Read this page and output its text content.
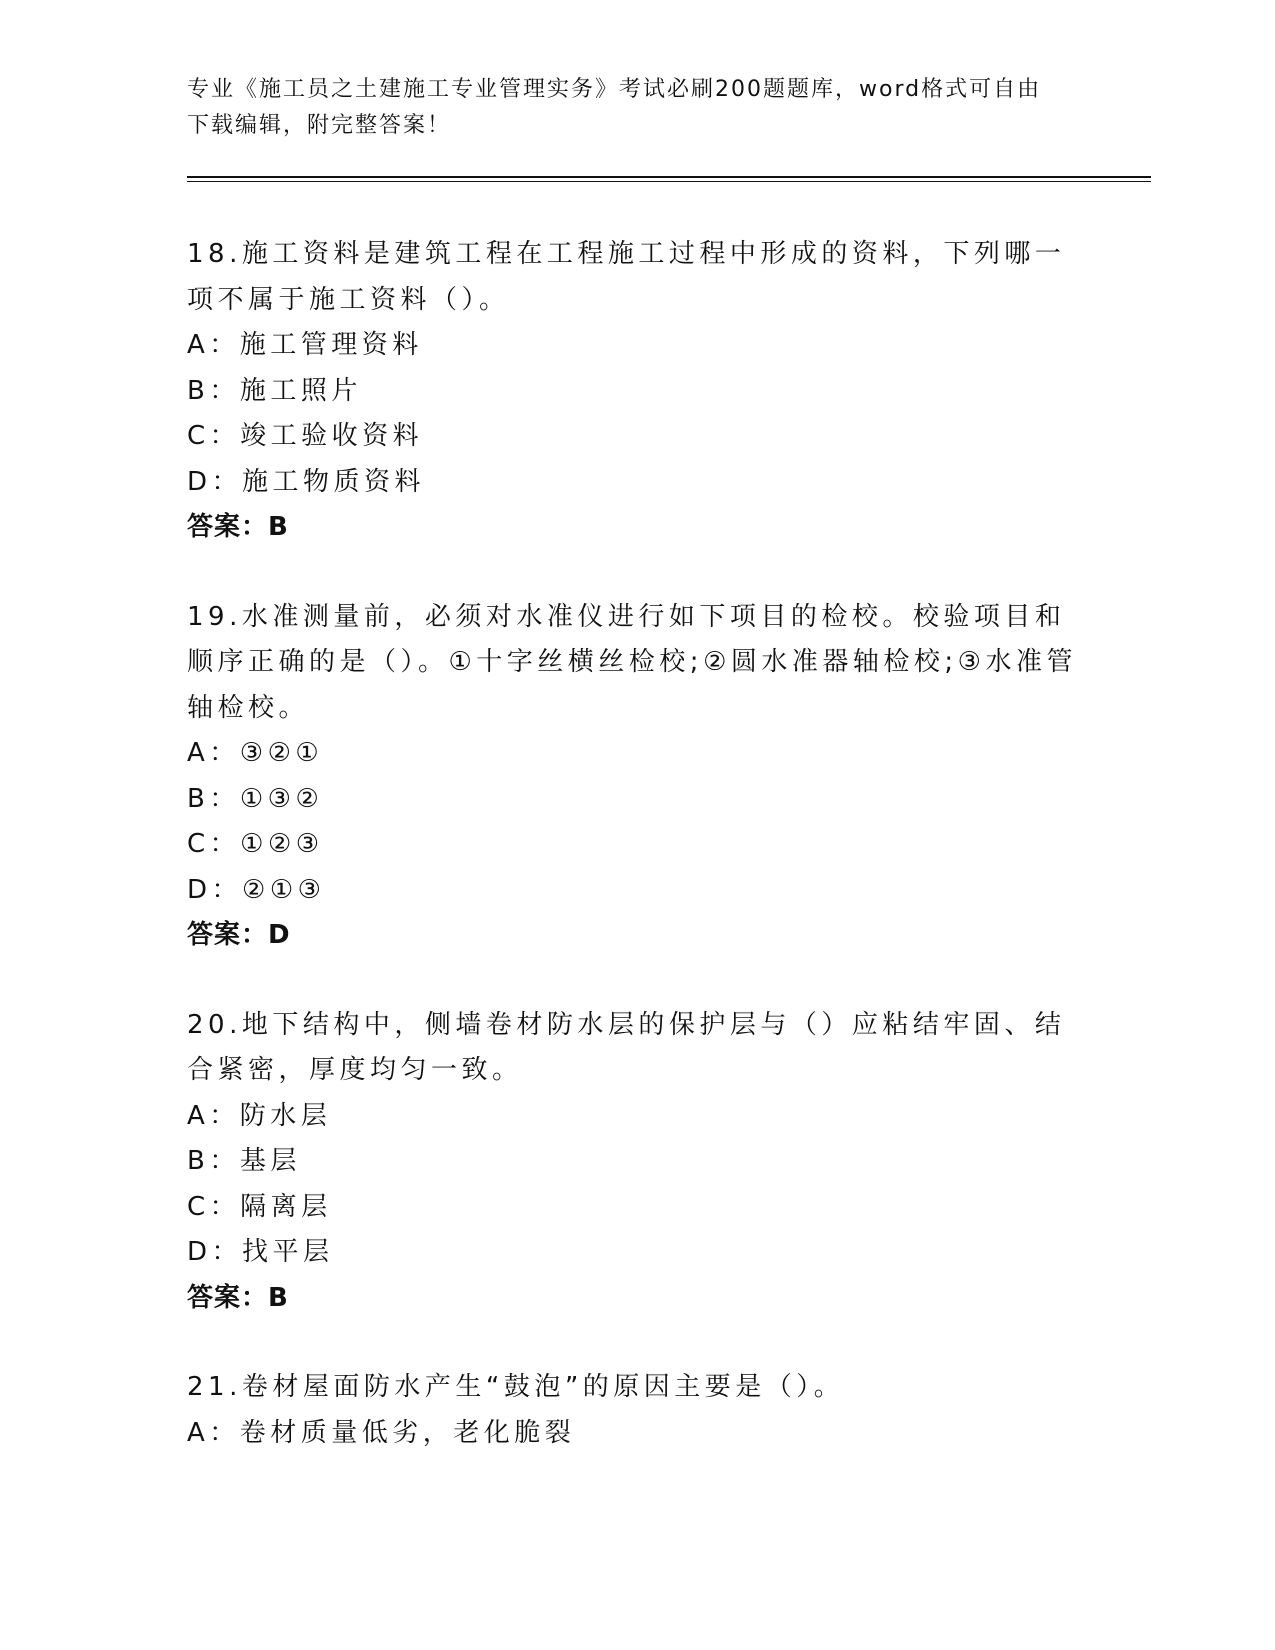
专业《施工员之土建施工专业管理实务》考试必刷200题题库，word格式可自由
下载编辑，附完整答案！

18.施工资料是建筑工程在工程施工过程中形成的资料，下列哪一项不属于施工资料（）。

A：施工管理资料

B：施工照片

C：竣工验收资料

D：施工物质资料

答案：B

19.水准测量前，必须对水准仪进行如下项目的检校。校验项目和顺序正确的是（）。①十字丝横丝检校;②圆水准器轴检校;③水准管轴检校。

A：③②①

B：①③②

C：①②③

D：②①③

答案：D

20.地下结构中，侧墙卷材防水层的保护层与（）应粘结牢固、结合紧密，厚度均匀一致。

A：防水层

B：基层

C：隔离层

D：找平层

答案：B

21.卷材屋面防水产生“鼓泡”的原因主要是（）。

A：卷材质量低劣，老化脆裂
